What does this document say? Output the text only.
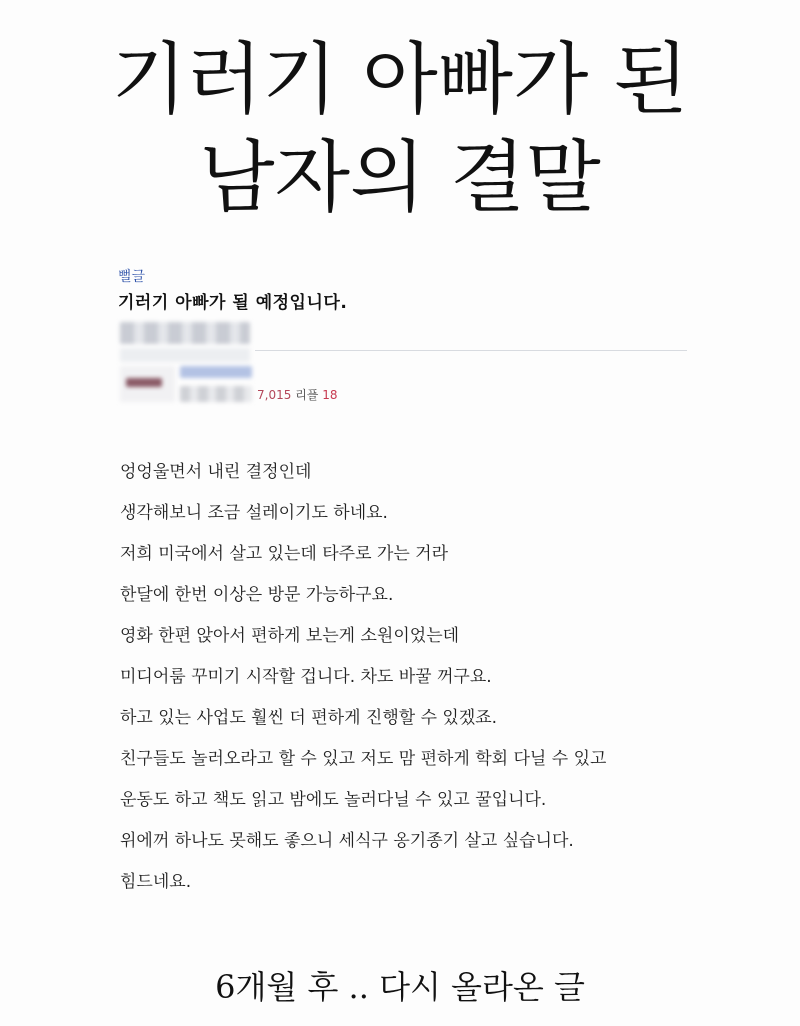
기러기 아빠가 된
남자의 결말
뻘글
기러기 아빠가 될 예정입니다.
7,015 리플 18
엉엉울면서 내린 결정인데
생각해보니 조금 설레이기도 하네요.
저희 미국에서 살고 있는데 타주로 가는 거라
한달에 한번 이상은 방문 가능하구요.
영화 한편 앉아서 편하게 보는게 소원이었는데
미디어룸 꾸미기 시작할 겁니다. 차도 바꿀 꺼구요.
하고 있는 사업도 훨씬 더 편하게 진행할 수 있겠죠.
친구들도 놀러오라고 할 수 있고 저도 맘 편하게 학회 다닐 수 있고
운동도 하고 책도 읽고 밤에도 놀러다닐 수 있고 꿀입니다.
위에꺼 하나도 못해도 좋으니 세식구 옹기종기 살고 싶습니다.
힘드네요.
6개월 후 .. 다시 올라온 글
